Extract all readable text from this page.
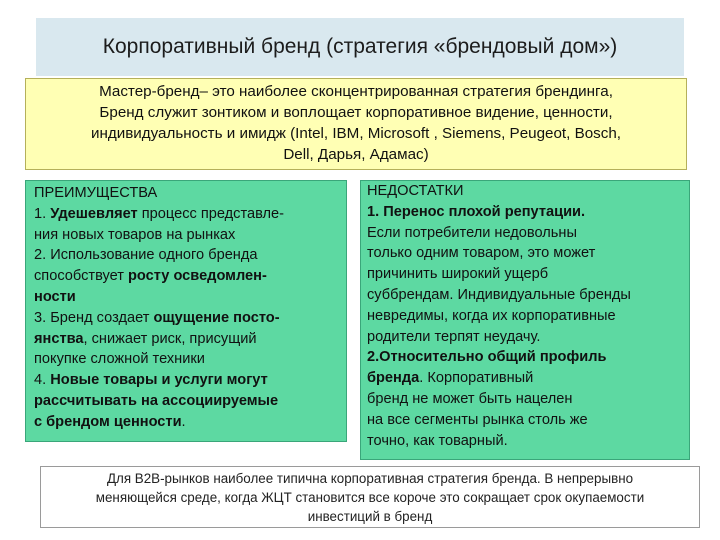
Корпоративный бренд (стратегия «брендовый дом»)
Мастер-бренд– это наиболее сконцентрированная стратегия брендинга,
Бренд служит зонтиком и воплощает корпоративное видение, ценности,
индивидуальность и имидж (Intel, IBM, Microsoft , Siemens, Peugeot, Bosch,
Dell, Дарья, Адамас)
ПРЕИМУЩЕСТВА
1. Удешевляет процесс представле-
ния новых товаров на рынках
2. Использование одного бренда
способствует росту осведомлен-
ности
3. Бренд создает ощущение посто-
янства, снижает риск, присущий
покупке сложной техники
4. Новые товары и услуги могут
рассчитывать на ассоциируемые
с брендом ценности.
НЕДОСТАТКИ
1. Перенос плохой репутации.
Если потребители недовольны
только одним товаром, это может
причинить широкий ущерб
суббрендам. Индивидуальные бренды
невредимы, когда их корпоративные
родители терпят неудачу.
2.Относительно общий профиль
бренда. Корпоративный
бренд не может быть нацелен
на все сегменты рынка столь же
точно, как товарный.
Для B2B-рынков наиболее типична корпоративная стратегия бренда. В непрерывно
меняющейся среде, когда ЖЦТ становится все короче это сокращает срок окупаемости
инвестиций в бренд
